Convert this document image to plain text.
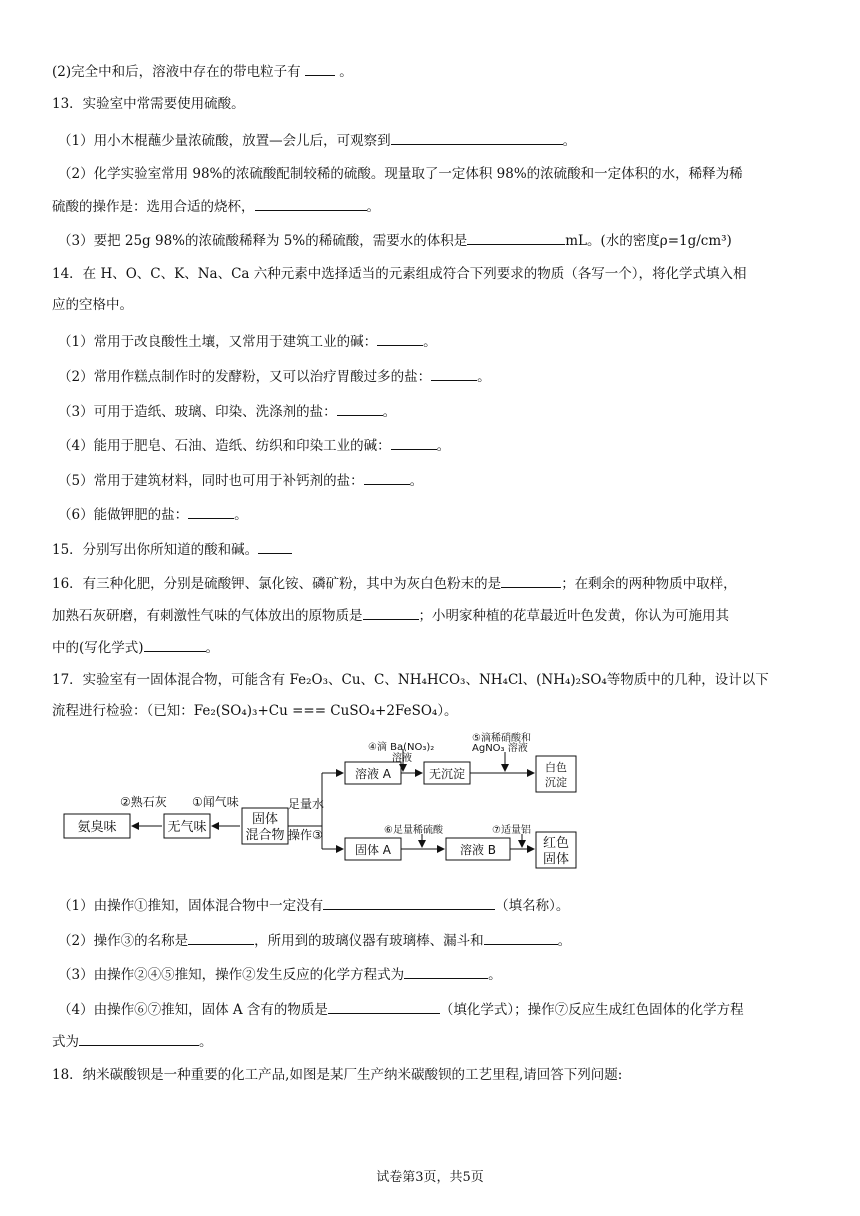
(2)完全中和后，溶液中存在的带电粒子有	。
13．实验室中常需要使用硫酸。
（1）用小木棍蘸少量浓硫酸，放置—会儿后，可观察到	。
（2）化学实验室常用 98%的浓硫酸配制较稀的硫酸。现量取了一定体积 98%的浓硫酸和一定体积的水，稀释为稀
硫酸的操作是：选用合适的烧杯，	。
（3）要把 25g 98%的浓硫酸稀释为 5%的稀硫酸，需要水的体积是	mL。(水的密度ρ=1g/cm³)
14．在 H、O、C、K、Na、Ca 六种元素中选择适当的元素组成符合下列要求的物质（各写一个），将化学式填入相
应的空格中。
（1）常用于改良酸性土壤，又常用于建筑工业的碱：	。
（2）常用作糕点制作时的发酵粉，又可以治疗胃酸过多的盐：	。
（3）可用于造纸、玻璃、印染、洗涤剂的盐：	。
（4）能用于肥皂、石油、造纸、纺织和印染工业的碱：	。
（5）常用于建筑材料，同时也可用于补钙剂的盐：	。
（6）能做钾肥的盐：	。
15．分别写出你所知道的酸和碱。
16．有三种化肥，分别是硫酸钾、氯化铵、磷矿粉，其中为灰白色粉末的是	；在剩余的两种物质中取样，
加熟石灰研磨，有刺激性气味的气体放出的原物质是	；小明家种植的花草最近叶色发黄，你认为可施用其
中的(写化学式)	。
17．实验室有一固体混合物，可能含有 Fe₂O₃、Cu、C、NH₄HCO₃、NH₄Cl、(NH₄)₂SO₄等物质中的几种，设计以下
流程进行检验：（已知：Fe₂(SO₄)₃+Cu === CuSO₄+2FeSO₄）。
氨臭味
②熟石灰
无气味
①闻气味
固体
混合物
足量水
操作③
溶液 A
④滴 Ba(NO₃)₂
溶液
无沉淀
⑤滴稀硝酸和
AgNO₃ 溶液
白色
沉淀
固体 A
⑥足量稀硫酸
溶液 B
⑦适量铝
红色
固体
（1）由操作①推知，固体混合物中一定没有	（填名称）。
（2）操作③的名称是	，所用到的玻璃仪器有玻璃棒、漏斗和	。
（3）由操作②④⑤推知，操作②发生反应的化学方程式为	。
（4）由操作⑥⑦推知，固体 A 含有的物质是	（填化学式）；操作⑦反应生成红色固体的化学方程
式为	。
18．纳米碳酸钡是一种重要的化工产品,如图是某厂生产纳米碳酸钡的工艺里程,请回答下列问题:
试卷第3页，共5页
